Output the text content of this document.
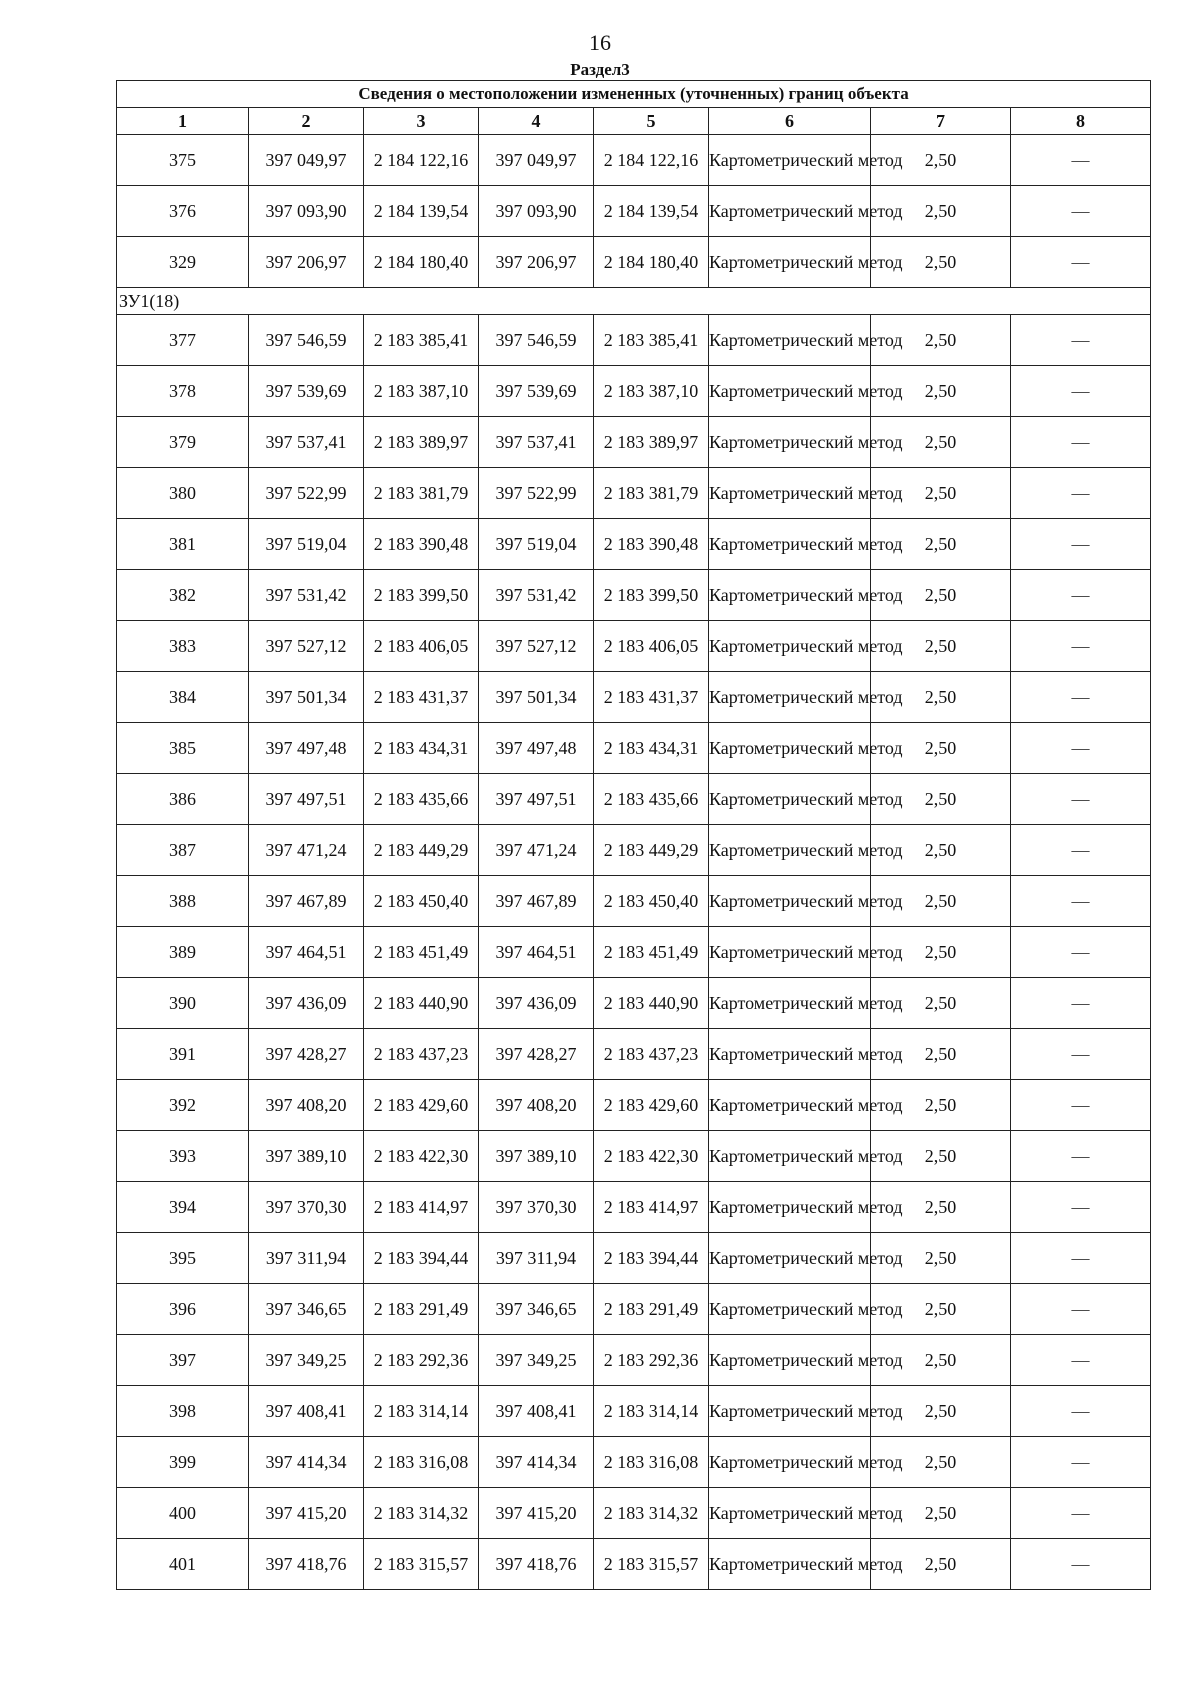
16
Раздел3
Сведения о местоположении измененных (уточненных) границ объекта							
1	2	3	4	5	6	7	8
375	397 049,97	2 184 122,16	397 049,97	2 184 122,16	Картометрический метод	2,50	—
376	397 093,90	2 184 139,54	397 093,90	2 184 139,54	Картометрический метод	2,50	—
329	397 206,97	2 184 180,40	397 206,97	2 184 180,40	Картометрический метод	2,50	—
ЗУ1(18)							
377	397 546,59	2 183 385,41	397 546,59	2 183 385,41	Картометрический метод	2,50	—
378	397 539,69	2 183 387,10	397 539,69	2 183 387,10	Картометрический метод	2,50	—
379	397 537,41	2 183 389,97	397 537,41	2 183 389,97	Картометрический метод	2,50	—
380	397 522,99	2 183 381,79	397 522,99	2 183 381,79	Картометрический метод	2,50	—
381	397 519,04	2 183 390,48	397 519,04	2 183 390,48	Картометрический метод	2,50	—
382	397 531,42	2 183 399,50	397 531,42	2 183 399,50	Картометрический метод	2,50	—
383	397 527,12	2 183 406,05	397 527,12	2 183 406,05	Картометрический метод	2,50	—
384	397 501,34	2 183 431,37	397 501,34	2 183 431,37	Картометрический метод	2,50	—
385	397 497,48	2 183 434,31	397 497,48	2 183 434,31	Картометрический метод	2,50	—
386	397 497,51	2 183 435,66	397 497,51	2 183 435,66	Картометрический метод	2,50	—
387	397 471,24	2 183 449,29	397 471,24	2 183 449,29	Картометрический метод	2,50	—
388	397 467,89	2 183 450,40	397 467,89	2 183 450,40	Картометрический метод	2,50	—
389	397 464,51	2 183 451,49	397 464,51	2 183 451,49	Картометрический метод	2,50	—
390	397 436,09	2 183 440,90	397 436,09	2 183 440,90	Картометрический метод	2,50	—
391	397 428,27	2 183 437,23	397 428,27	2 183 437,23	Картометрический метод	2,50	—
392	397 408,20	2 183 429,60	397 408,20	2 183 429,60	Картометрический метод	2,50	—
393	397 389,10	2 183 422,30	397 389,10	2 183 422,30	Картометрический метод	2,50	—
394	397 370,30	2 183 414,97	397 370,30	2 183 414,97	Картометрический метод	2,50	—
395	397 311,94	2 183 394,44	397 311,94	2 183 394,44	Картометрический метод	2,50	—
396	397 346,65	2 183 291,49	397 346,65	2 183 291,49	Картометрический метод	2,50	—
397	397 349,25	2 183 292,36	397 349,25	2 183 292,36	Картометрический метод	2,50	—
398	397 408,41	2 183 314,14	397 408,41	2 183 314,14	Картометрический метод	2,50	—
399	397 414,34	2 183 316,08	397 414,34	2 183 316,08	Картометрический метод	2,50	—
400	397 415,20	2 183 314,32	397 415,20	2 183 314,32	Картометрический метод	2,50	—
401	397 418,76	2 183 315,57	397 418,76	2 183 315,57	Картометрический метод	2,50	—
